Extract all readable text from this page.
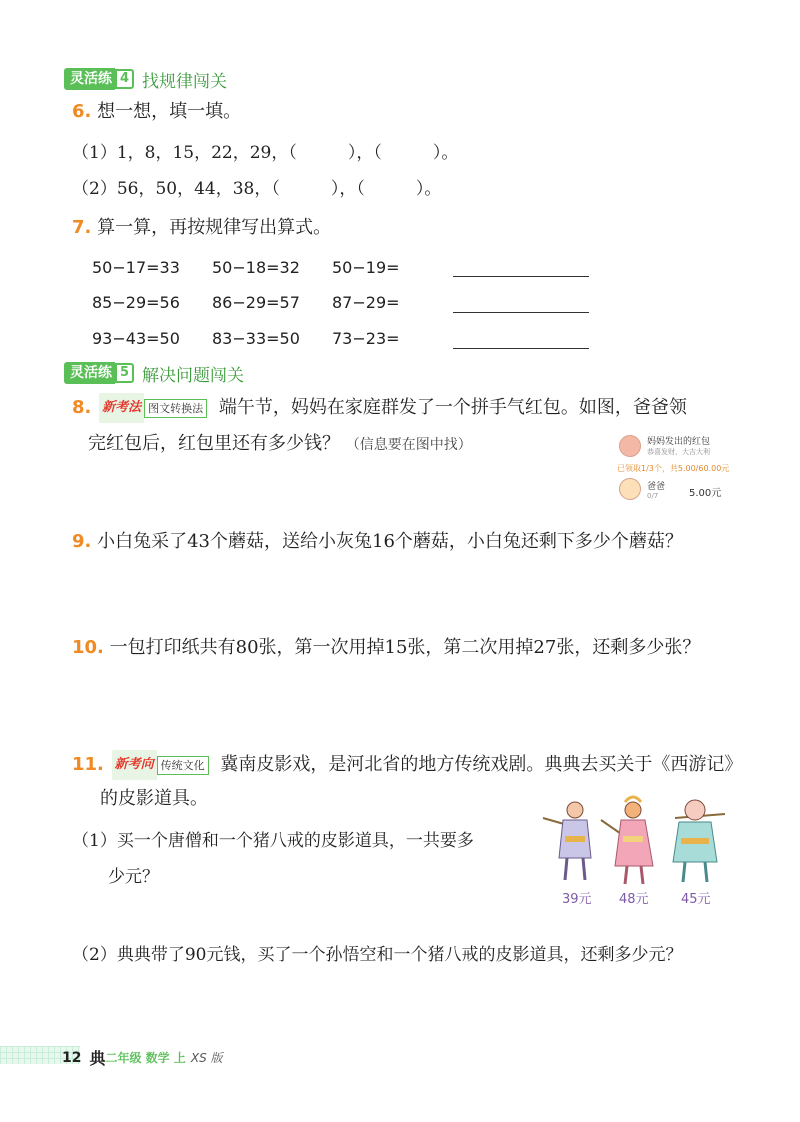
灵活练 4 找规律闯关
6. 想一想，填一填。
（1）1，8，15，22，29，（　　　），（　　　）。
（2）56，50，44，38，（　　　），（　　　）。
7. 算一算，再按规律写出算式。
50−17=33 50−18=32 50−19=
85−29=56 86−29=57 87−29=
93−43=50 83−33=50 73−23=
灵活练 5 解决问题闯关
8. 新考法 图文转换法 端午节，妈妈在家庭群发了一个拼手气红包。如图，爸爸领
完红包后，红包里还有多少钱？ （信息要在图中找）	妈妈发出的红包
恭喜发财，大吉大利
已领取1/3个，共5.00/60.00元
爸爸
0/7	5.00元
9. 小白兔采了43个蘑菇，送给小灰兔16个蘑菇，小白兔还剩下多少个蘑菇？
10. 一包打印纸共有80张，第一次用掉15张，第二次用掉27张，还剩多少张？
11. 新考向 传统文化 冀南皮影戏，是河北省的地方传统戏剧。典典去买关于《西游记》
的皮影道具。
（1）买一个唐僧和一个猪八戒的皮影道具，一共要多
少元？
39元 48元 45元
（2）典典带了90元钱，买了一个孙悟空和一个猪八戒的皮影道具，还剩多少元？
12 典 二年级 数学 上 XS 版
